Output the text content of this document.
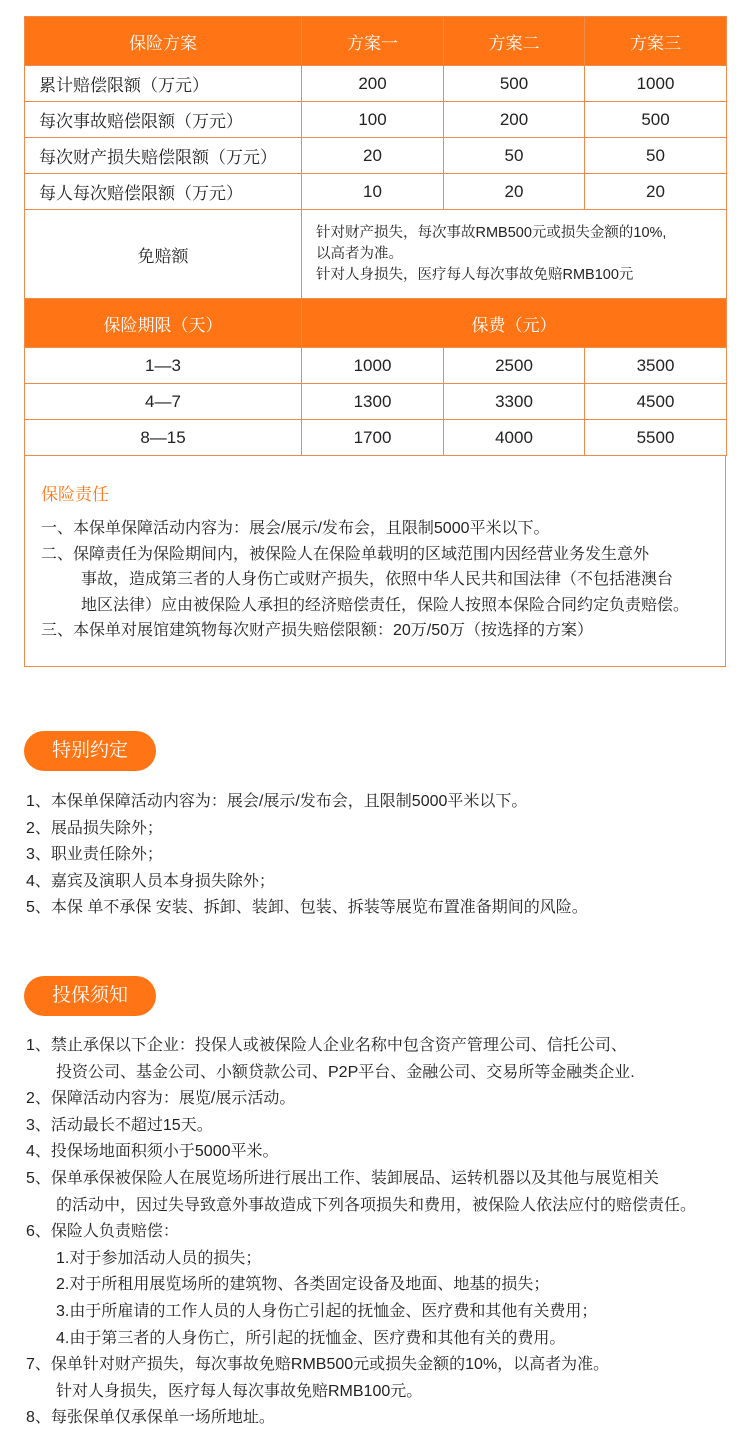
保险方案	方案一	方案二	方案三
累计赔偿限额（万元）	200	500	1000
每次事故赔偿限额（万元）	100	200	500
每次财产损失赔偿限额（万元）	20	50	50
每人每次赔偿限额（万元）	10	20	20
免赔额	针对财产损失，每次事故RMB500元或损失金额的10%,
以高者为准。
针对人身损失，医疗每人每次事故免赔RMB100元		

保险期限（天）	保费（元）		
1—3	1000	2500	3500
4—7	1300	3300	4500
8—15	1700	4000	5500
保险责任
一、本保单保障活动内容为：展会/展示/发布会，且限制5000平米以下。
二、保障责任为保险期间内，被保险人在保险单载明的区域范围内因经营业务发生意外
事故，造成第三者的人身伤亡或财产损失，依照中华人民共和国法律（不包括港澳台
地区法律）应由被保险人承担的经济赔偿责任，保险人按照本保险合同约定负责赔偿。
三、本保单对展馆建筑物每次财产损失赔偿限额：20万/50万（按选择的方案）
特别约定
1、本保单保障活动内容为：展会/展示/发布会，且限制5000平米以下。
2、展品损失除外；
3、职业责任除外；
4、嘉宾及演职人员本身损失除外；
5、本保 单不承保 安装、拆卸、装卸、包装、拆装等展览布置准备期间的风险。
投保须知
1、禁止承保以下企业：投保人或被保险人企业名称中包含资产管理公司、信托公司、
投资公司、基金公司、小额贷款公司、P2P平台、金融公司、交易所等金融类企业.
2、保障活动内容为：展览/展示活动。
3、活动最长不超过15天。
4、投保场地面积须小于5000平米。
5、保单承保被保险人在展览场所进行展出工作、装卸展品、运转机器以及其他与展览相关
的活动中，因过失导致意外事故造成下列各项损失和费用，被保险人依法应付的赔偿责任。
6、保险人负责赔偿：
1.对于参加活动人员的损失；
2.对于所租用展览场所的建筑物、各类固定设备及地面、地基的损失；
3.由于所雇请的工作人员的人身伤亡引起的抚恤金、医疗费和其他有关费用；
4.由于第三者的人身伤亡，所引起的抚恤金、医疗费和其他有关的费用。
7、保单针对财产损失，每次事故免赔RMB500元或损失金额的10%，以高者为准。
针对人身损失，医疗每人每次事故免赔RMB100元。
8、每张保单仅承保单一场所地址。
